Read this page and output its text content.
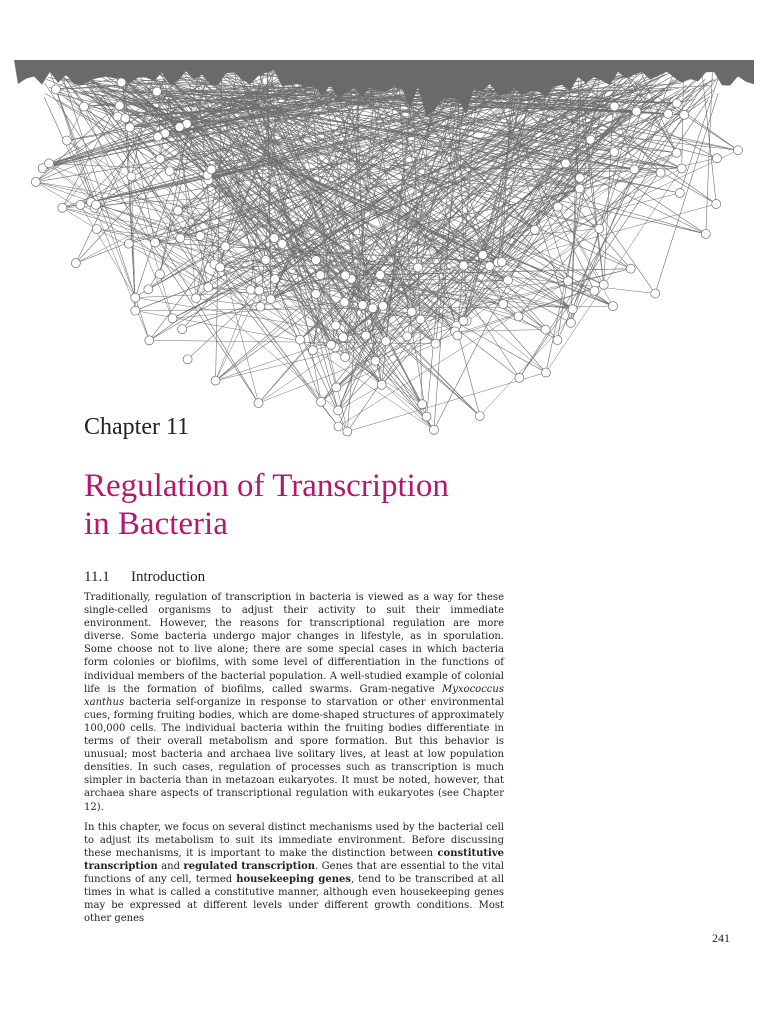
Chapter 11
Regulation of Transcription
in Bacteria
11.1 Introduction

Traditionally, regulation of transcription in bacteria is viewed as a way for these single-celled organisms to adjust their activity to suit their immediate environment. However, the reasons for transcriptional regulation are more diverse. Some bacteria undergo major changes in lifestyle, as in sporulation. Some choose not to live alone; there are some special cases in which bacteria form colonies or biofilms, with some level of differentiation in the functions of individual members of the bacterial population. A well-studied example of colonial life is the formation of biofilms, called swarms. Gram-negative Myxococcus xanthus bacteria self-organize in response to starvation or other environmental cues, forming fruiting bodies, which are dome-shaped structures of approximately 100,000 cells. The individual bacteria within the fruiting bodies differentiate in terms of their overall metabolism and spore formation. But this behavior is unusual; most bacteria and archaea live solitary lives, at least at low population densities. In such cases, regulation of processes such as transcription is much simpler in bacteria than in metazoan eukaryotes. It must be noted, however, that archaea share aspects of transcriptional regulation with eukaryotes (see Chapter 12).

In this chapter, we focus on several distinct mechanisms used by the bacterial cell to adjust its metabolism to suit its immediate environment. Before discussing these mechanisms, it is important to make the distinction between constitutive transcription and regulated transcription. Genes that are essential to the vital functions of any cell, termed housekeeping genes, tend to be transcribed at all times in what is called a constitutive manner, although even housekeeping genes may be expressed at different levels under different growth conditions. Most other genes

241
